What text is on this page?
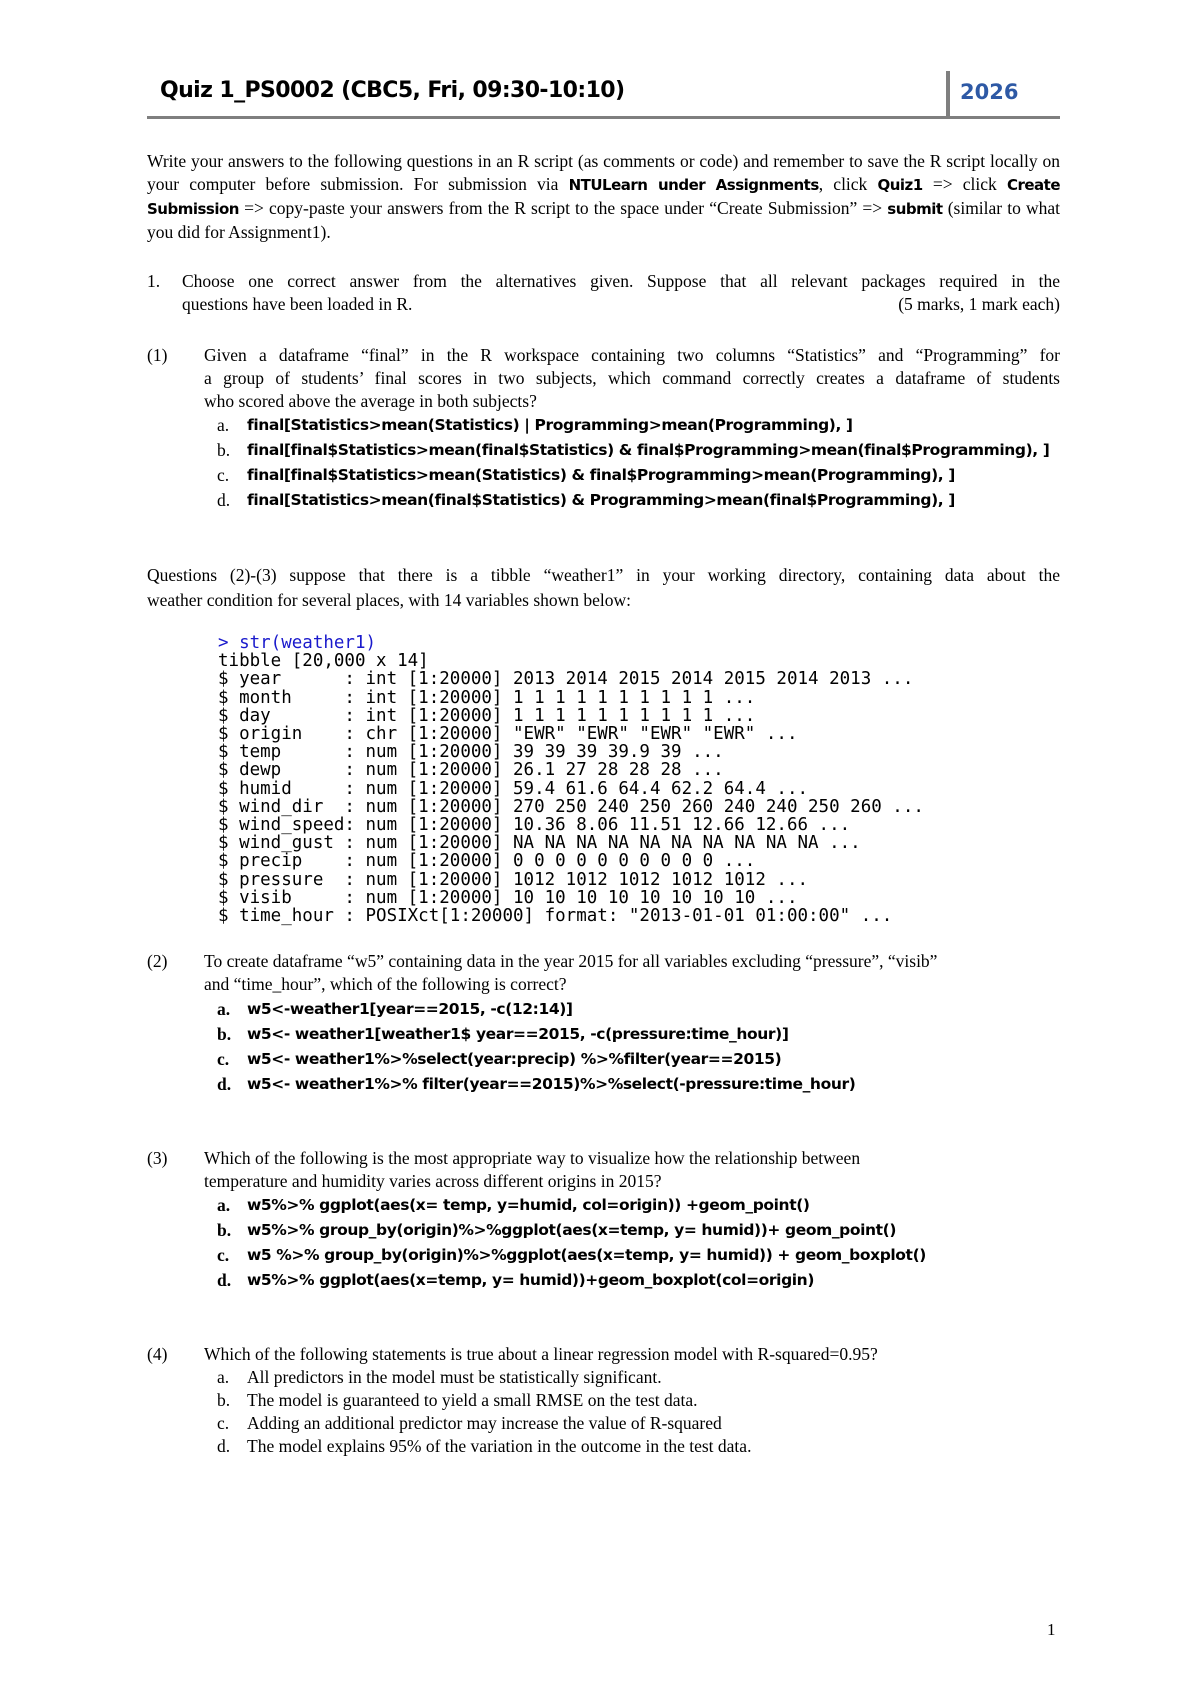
Quiz 1_PS0002 (CBC5, Fri, 09:30-10:10)	2026
Write your answers to the following questions in an R script (as comments or code) and remember to save the R script locally on your computer before submission. For submission via NTULearn under Assignments, click Quiz1 => click Create Submission => copy-paste your answers from the R script to the space under “Create Submission” => submit (similar to what you did for Assignment1).
1. Choose one correct answer from the alternatives given. Suppose that all relevant packages required in the
questions have been loaded in R.	(5 marks, 1 mark each)
(1) Given a dataframe “final” in the R workspace containing two columns “Statistics” and “Programming” for
a group of students’ final scores in two subjects, which command correctly creates a dataframe of students
who scored above the average in both subjects?
a. final[Statistics>mean(Statistics) | Programming>mean(Programming), ]
b. final[final$Statistics>mean(final$Statistics) & final$Programming>mean(final$Programming), ]
c. final[final$Statistics>mean(Statistics) & final$Programming>mean(Programming), ]
d. final[Statistics>mean(final$Statistics) & Programming>mean(final$Programming), ]
Questions (2)-(3) suppose that there is a tibble “weather1” in your working directory, containing data about the
weather condition for several places, with 14 variables shown below:
> str(weather1)
tibble [20,000 x 14]
$ year      : int [1:20000] 2013 2014 2015 2014 2015 2014 2013 ...
$ month     : int [1:20000] 1 1 1 1 1 1 1 1 1 1 ...
$ day       : int [1:20000] 1 1 1 1 1 1 1 1 1 1 ...
$ origin    : chr [1:20000] "EWR" "EWR" "EWR" "EWR" ...
$ temp      : num [1:20000] 39 39 39 39.9 39 ...
$ dewp      : num [1:20000] 26.1 27 28 28 28 ...
$ humid     : num [1:20000] 59.4 61.6 64.4 62.2 64.4 ...
$ wind_dir  : num [1:20000] 270 250 240 250 260 240 240 250 260 ...
$ wind_speed: num [1:20000] 10.36 8.06 11.51 12.66 12.66 ...
$ wind_gust : num [1:20000] NA NA NA NA NA NA NA NA NA NA ...
$ precip    : num [1:20000] 0 0 0 0 0 0 0 0 0 0 ...
$ pressure  : num [1:20000] 1012 1012 1012 1012 1012 ...
$ visib     : num [1:20000] 10 10 10 10 10 10 10 10 ...
$ time_hour : POSIXct[1:20000] format: "2013-01-01 01:00:00" ...
(2) To create dataframe “w5” containing data in the year 2015 for all variables excluding “pressure”, “visib”
and “time_hour”, which of the following is correct?
a. w5<-weather1[year==2015, -c(12:14)]
b. w5<- weather1[weather1$ year==2015, -c(pressure:time_hour)]
c. w5<- weather1%>%select(year:precip) %>%filter(year==2015)
d. w5<- weather1%>% filter(year==2015)%>%select(-pressure:time_hour)
(3) Which of the following is the most appropriate way to visualize how the relationship between
temperature and humidity varies across different origins in 2015?
a. w5%>% ggplot(aes(x= temp, y=humid, col=origin)) +geom_point()
b. w5%>% group_by(origin)%>%ggplot(aes(x=temp, y= humid))+ geom_point()
c. w5 %>% group_by(origin)%>%ggplot(aes(x=temp, y= humid)) + geom_boxplot()
d. w5%>% ggplot(aes(x=temp, y= humid))+geom_boxplot(col=origin)
(4) Which of the following statements is true about a linear regression model with R-squared=0.95?
a. All predictors in the model must be statistically significant.
b. The model is guaranteed to yield a small RMSE on the test data.
c. Adding an additional predictor may increase the value of R-squared
d. The model explains 95% of the variation in the outcome in the test data.
1
